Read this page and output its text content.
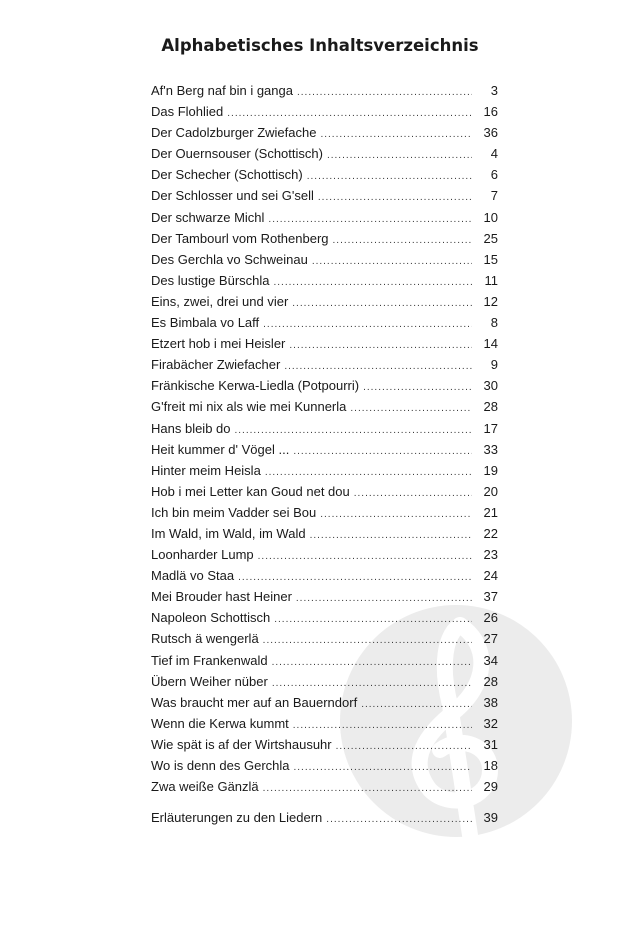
Alphabetisches Inhaltsverzeichnis
Af'n Berg naf bin i ganga .....	3
Das Flohlied .....	16
Der Cadolzburger Zwiefache .....	36
Der Ouernsouser (Schottisch) .....	4
Der Schecher (Schottisch) .....	6
Der Schlosser und sei G'sell .....	7
Der schwarze Michl .....	10
Der Tambourl vom Rothenberg .....	25
Des Gerchla vo Schweinau .....	15
Des lustige Bürschla .....	11
Eins, zwei, drei und vier .....	12
Es Bimbala vo Laff .....	8
Etzert hob i mei Heisler .....	14
Firabächer Zwiefacher .....	9
Fränkische Kerwa-Liedla (Potpourri) .....	30
G'freit mi nix als wie mei Kunnerla .....	28
Hans bleib do .....	17
Heit kummer d' Vögel ... .....	33
Hinter meim Heisla .....	19
Hob i mei Letter kan Goud net dou .....	20
Ich bin meim Vadder sei Bou .....	21
Im Wald, im Wald, im Wald .....	22
Loonharder Lump .....	23
Madlä vo Staa .....	24
Mei Brouder hast Heiner .....	37
Napoleon Schottisch .....	26
Rutsch ä wengerlä .....	27
Tief im Frankenwald .....	34
Übern Weiher nüber .....	28
Was braucht mer auf an Bauerndorf .....	38
Wenn die Kerwa kummt .....	32
Wie spät is af der Wirtshausuhr .....	31
Wo is denn des Gerchla .....	18
Zwa weiße Gänzlä .....	29
Erläuterungen zu den Liedern .....	39
